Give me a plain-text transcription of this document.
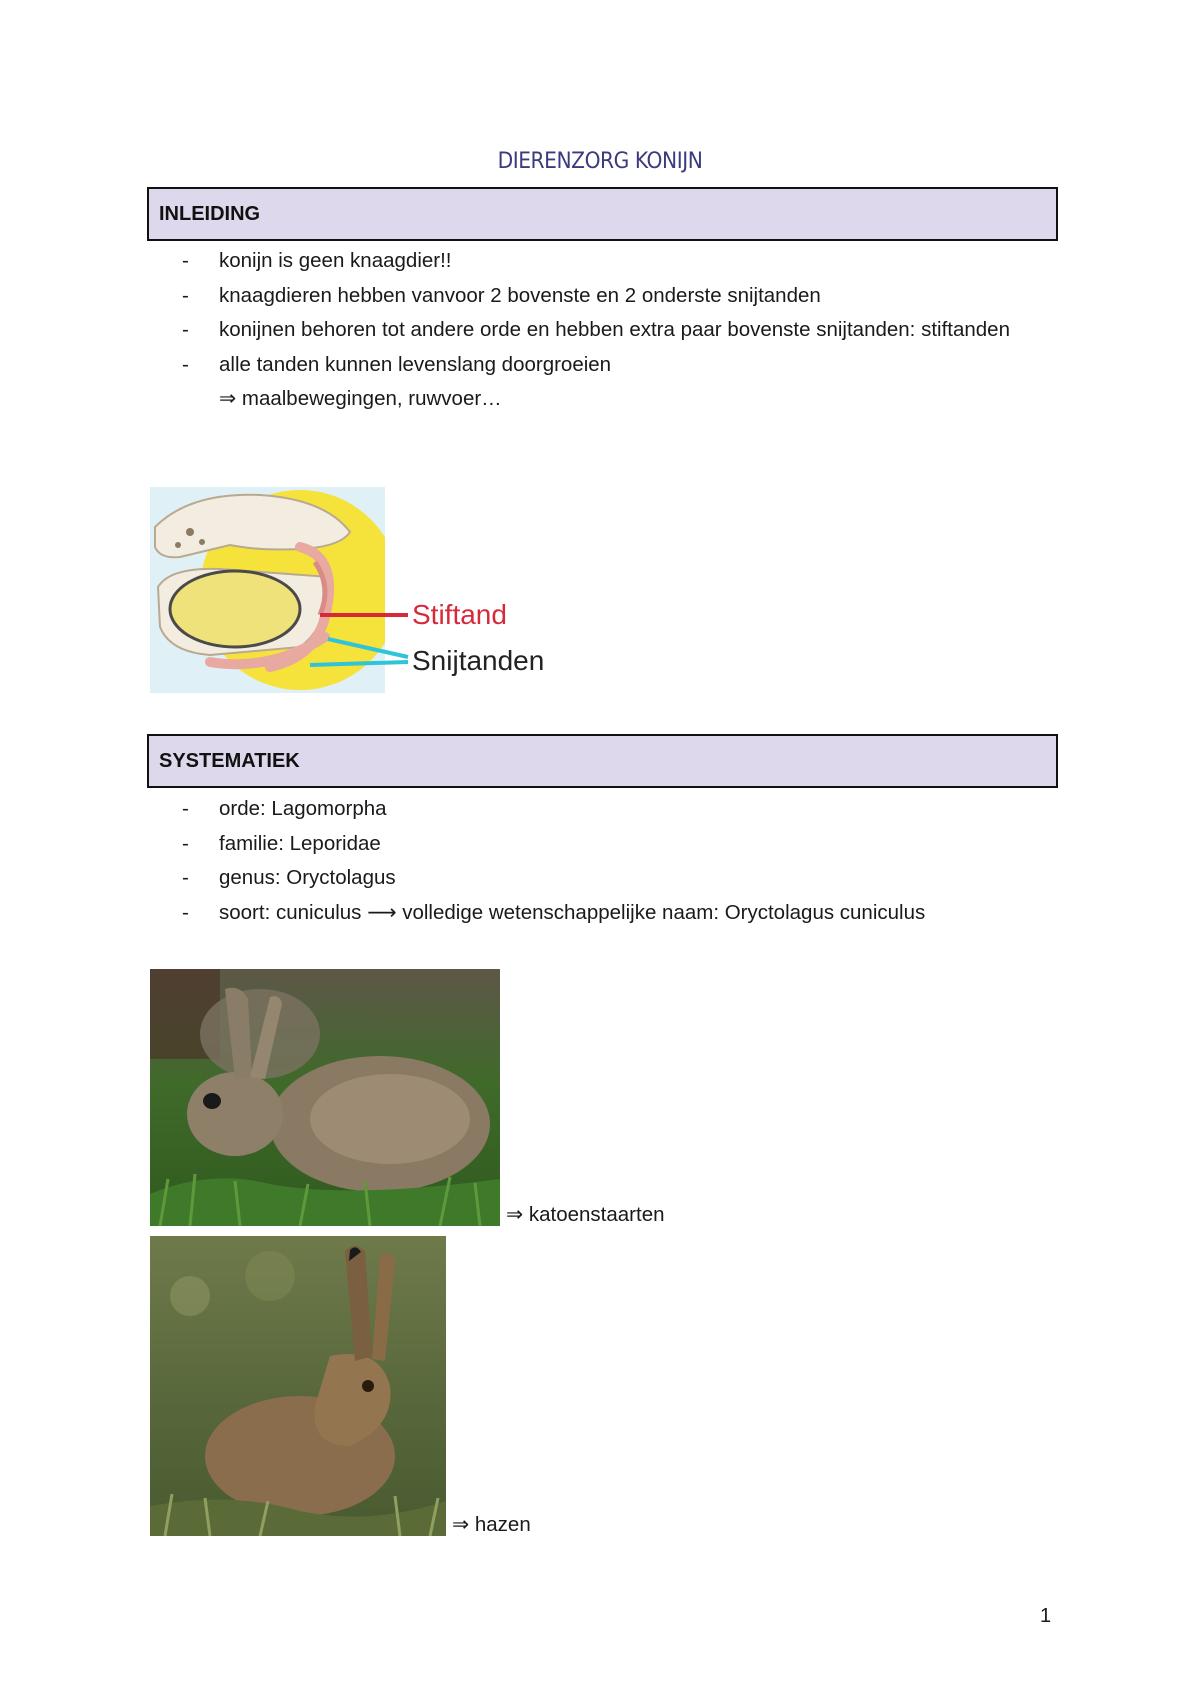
DIERENZORG KONIJN
INLEIDING
- konijn is geen knaagdier!!
- knaagdieren hebben vanvoor 2 bovenste en 2 onderste snijtanden
- konijnen behoren tot andere orde en hebben extra paar bovenste snijtanden: stiftanden
- alle tanden kunnen levenslang doorgroeien
⇒ maalbewegingen, ruwvoer…
Stiftand
Snijtanden
SYSTEMATIEK
- orde: Lagomorpha
- familie: Leporidae
- genus: Oryctolagus
- soort: cuniculus ⟶ volledige wetenschappelijke naam: Oryctolagus cuniculus
⇒ katoenstaarten
⇒ hazen
1
